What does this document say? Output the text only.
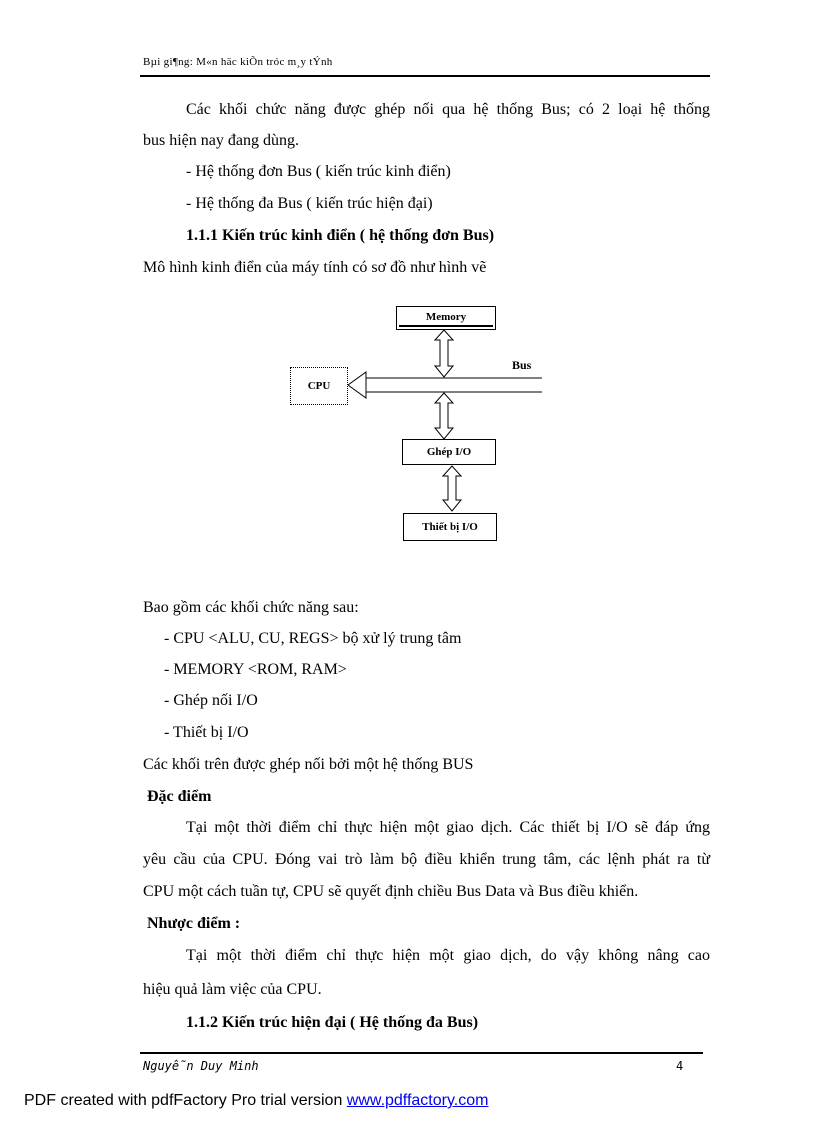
Bµi gi¶ng: M«n häc kiÕn tróc m¸y tÝnh
Các khối chức năng được ghép nối qua hệ thống Bus; có 2 loại hệ thống
bus hiện nay đang dùng.
- Hệ thống đơn Bus ( kiến trúc kinh điển)
- Hệ thống đa Bus ( kiến trúc hiện đại)
1.1.1 Kiến trúc kinh điển ( hệ thống đơn Bus)
Mô hình kinh điển của máy tính có sơ đồ như hình vẽ
Memory
Bus
CPU
Ghép I/O
Thiết bị I/O
Bao gồm các khối chức năng sau:
- CPU <ALU, CU, REGS> bộ xử lý trung tâm
- MEMORY <ROM, RAM>
- Ghép nối I/O
- Thiết bị I/O
Các khối trên được ghép nối bởi một hệ thống BUS
Đặc điểm
Tại một thời điểm chỉ thực hiện một giao dịch. Các thiết bị I/O sẽ đáp ứng
yêu cầu của CPU. Đóng vai trò làm bộ điều khiển trung tâm, các lệnh phát ra từ
CPU một cách tuần tự, CPU sẽ quyết định chiều Bus Data và Bus điều khiển.
Nhược điểm :
Tại một thời điểm chỉ thực hiện một giao dịch, do vậy không nâng cao
hiệu quả làm việc của CPU.
1.1.2 Kiến trúc hiện đại ( Hệ thống đa Bus)
Nguyễn Duy Minh	4
PDF created with pdfFactory Pro trial version www.pdffactory.com
